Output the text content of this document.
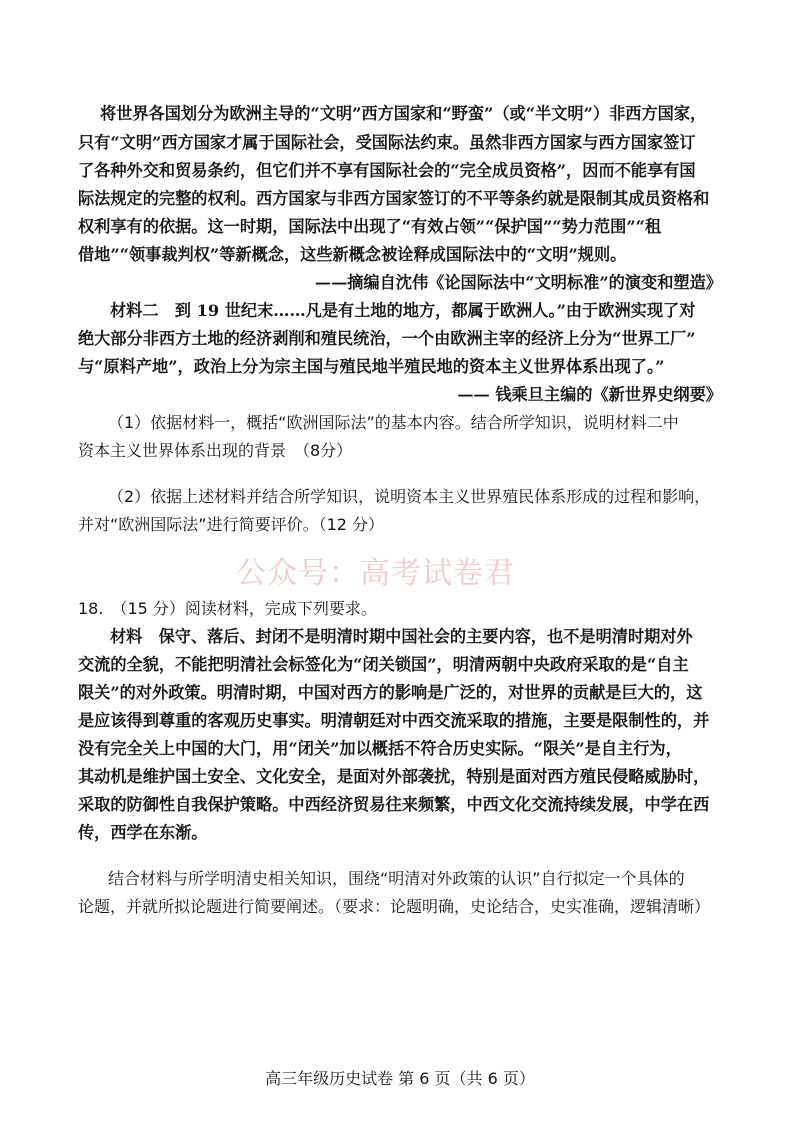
将世界各国划分为欧洲主导的“文明”西方国家和“野蛮”（或“半文明”）非西方国家，
只有“文明”西方国家才属于国际社会，受国际法约束。虽然非西方国家与西方国家签订
了各种外交和贸易条约，但它们并不享有国际社会的“完全成员资格”，因而不能享有国
际法规定的完整的权利。西方国家与非西方国家签订的不平等条约就是限制其成员资格和
权利享有的依据。这一时期，国际法中出现了“有效占领”“保护国”“势力范围”“租
借地”“领事裁判权”等新概念，这些新概念被诠释成国际法中的“文明”规则。
——摘编自沈伟《论国际法中“文明标准”的演变和塑造》
材料二　到 19 世纪末……凡是有土地的地方，都属于欧洲人。”由于欧洲实现了对
绝大部分非西方土地的经济剥削和殖民统治，一个由欧洲主宰的经济上分为“世界工厂”
与“原料产地”，政治上分为宗主国与殖民地半殖民地的资本主义世界体系出现了。”
—— 钱乘旦主编的《新世界史纲要》
（1）依据材料一，概括“欧洲国际法”的基本内容。结合所学知识，说明材料二中
资本主义世界体系出现的背景　（8分）
（2）依据上述材料并结合所学知识，说明资本主义世界殖民体系形成的过程和影响，
并对“欧洲国际法”进行简要评价。（12 分）
公众号：高考试卷君
18.　（15 分）阅读材料，完成下列要求。
材料　保守、落后、封闭不是明清时期中国社会的主要内容，也不是明清时期对外
交流的全貌，不能把明清社会标签化为“闭关锁国”，明清两朝中央政府采取的是“自主
限关”的对外政策。明清时期，中国对西方的影响是广泛的，对世界的贡献是巨大的，这
是应该得到尊重的客观历史事实。明清朝廷对中西交流采取的措施，主要是限制性的，并
没有完全关上中国的大门，用“闭关”加以概括不符合历史实际。“限关”是自主行为，
其动机是维护国土安全、文化安全，是面对外部袭扰，特别是面对西方殖民侵略威胁时，
采取的防御性自我保护策略。中西经济贸易往来频繁，中西文化交流持续发展，中学在西
传，西学在东渐。
结合材料与所学明清史相关知识，围绕“明清对外政策的认识”自行拟定一个具体的
论题，并就所拟论题进行简要阐述。（要求：论题明确，史论结合，史实准确，逻辑清晰）
高三年级历史试卷 第 6 页（共 6 页）
